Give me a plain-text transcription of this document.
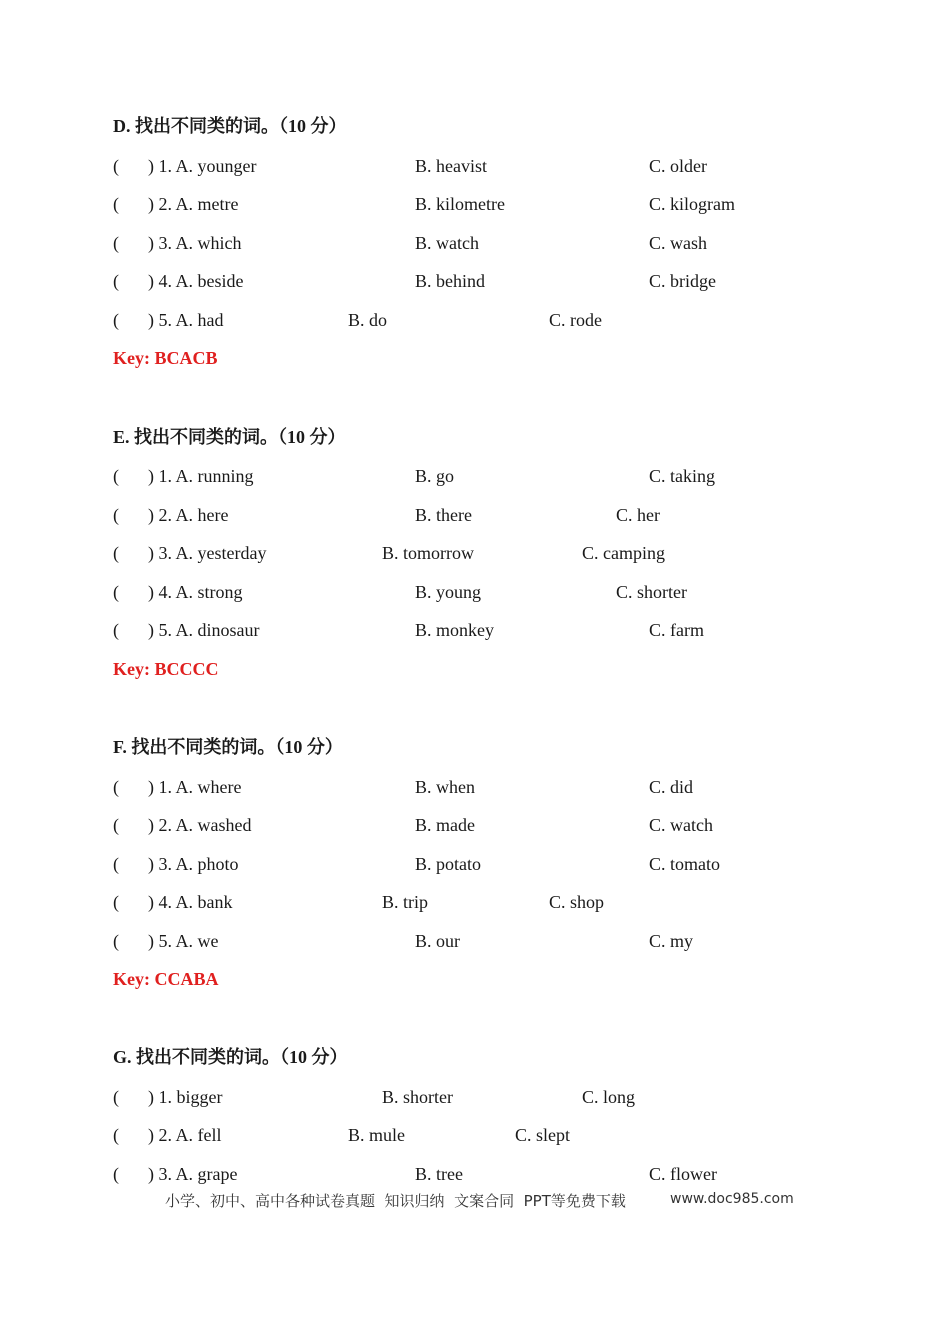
D. 找出不同类的词。（10 分）
( ) 1. A. younger	B. heavist	C. older
( ) 2. A. metre	B. kilometre	C. kilogram
( ) 3. A. which	B. watch	C. wash
( ) 4. A. beside	B. behind	C. bridge
( ) 5. A. had	B. do	C. rode
Key: BCACB
E. 找出不同类的词。（10 分）
( ) 1. A. running	B. go	C. taking
( ) 2. A. here	B. there	C. her
( ) 3. A. yesterday	B. tomorrow	C. camping
( ) 4. A. strong	B. young	C. shorter
( ) 5. A. dinosaur	B. monkey	C. farm
Key: BCCCC
F. 找出不同类的词。（10 分）
( ) 1. A. where	B. when	C. did
( ) 2. A. washed	B. made	C. watch
( ) 3. A. photo	B. potato	C. tomato
( ) 4. A. bank	B. trip	C. shop
( ) 5. A. we	B. our	C. my
Key: CCABA
G. 找出不同类的词。（10 分）
( ) 1. bigger	B. shorter	C. long
( ) 2. A. fell	B. mule	C. slept
( ) 3. A. grape	B. tree	C. flower
小学、初中、高中各种试卷真题  知识归纳  文案合同  PPT等免费下载	www.doc985.com
